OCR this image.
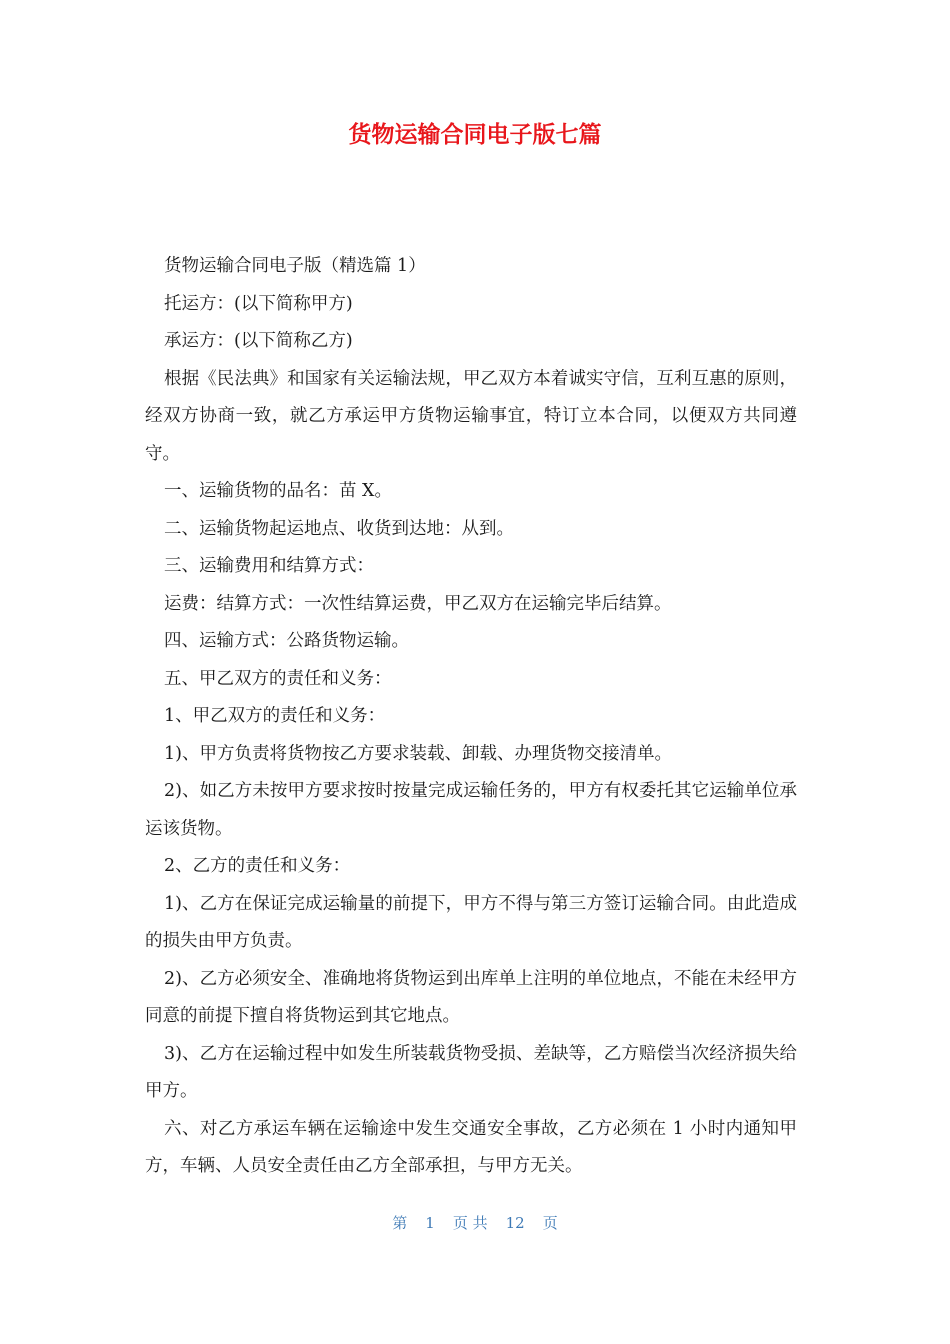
货物运输合同电子版七篇

货物运输合同电子版（精选篇 1）

托运方：(以下简称甲方)

承运方：(以下简称乙方)

根据《民法典》和国家有关运输法规，甲乙双方本着诚实守信，互利互惠的原则，经双方协商一致，就乙方承运甲方货物运输事宜，特订立本合同，以便双方共同遵守。

一、运输货物的品名：苗 X。

二、运输货物起运地点、收货到达地：从到。

三、运输费用和结算方式：

运费：结算方式：一次性结算运费，甲乙双方在运输完毕后结算。

四、运输方式：公路货物运输。

五、甲乙双方的责任和义务：

1、甲乙双方的责任和义务：

1)、甲方负责将货物按乙方要求装载、卸载、办理货物交接清单。

2)、如乙方未按甲方要求按时按量完成运输任务的，甲方有权委托其它运输单位承运该货物。

2、乙方的责任和义务：

1)、乙方在保证完成运输量的前提下，甲方不得与第三方签订运输合同。由此造成的损失由甲方负责。

2)、乙方必须安全、准确地将货物运到出库单上注明的单位地点，不能在未经甲方同意的前提下擅自将货物运到其它地点。

3)、乙方在运输过程中如发生所装载货物受损、差缺等，乙方赔偿当次经济损失给甲方。

六、对乙方承运车辆在运输途中发生交通安全事故，乙方必须在 1 小时内通知甲方，车辆、人员安全责任由乙方全部承担，与甲方无关。

第 1 页 共 12 页
